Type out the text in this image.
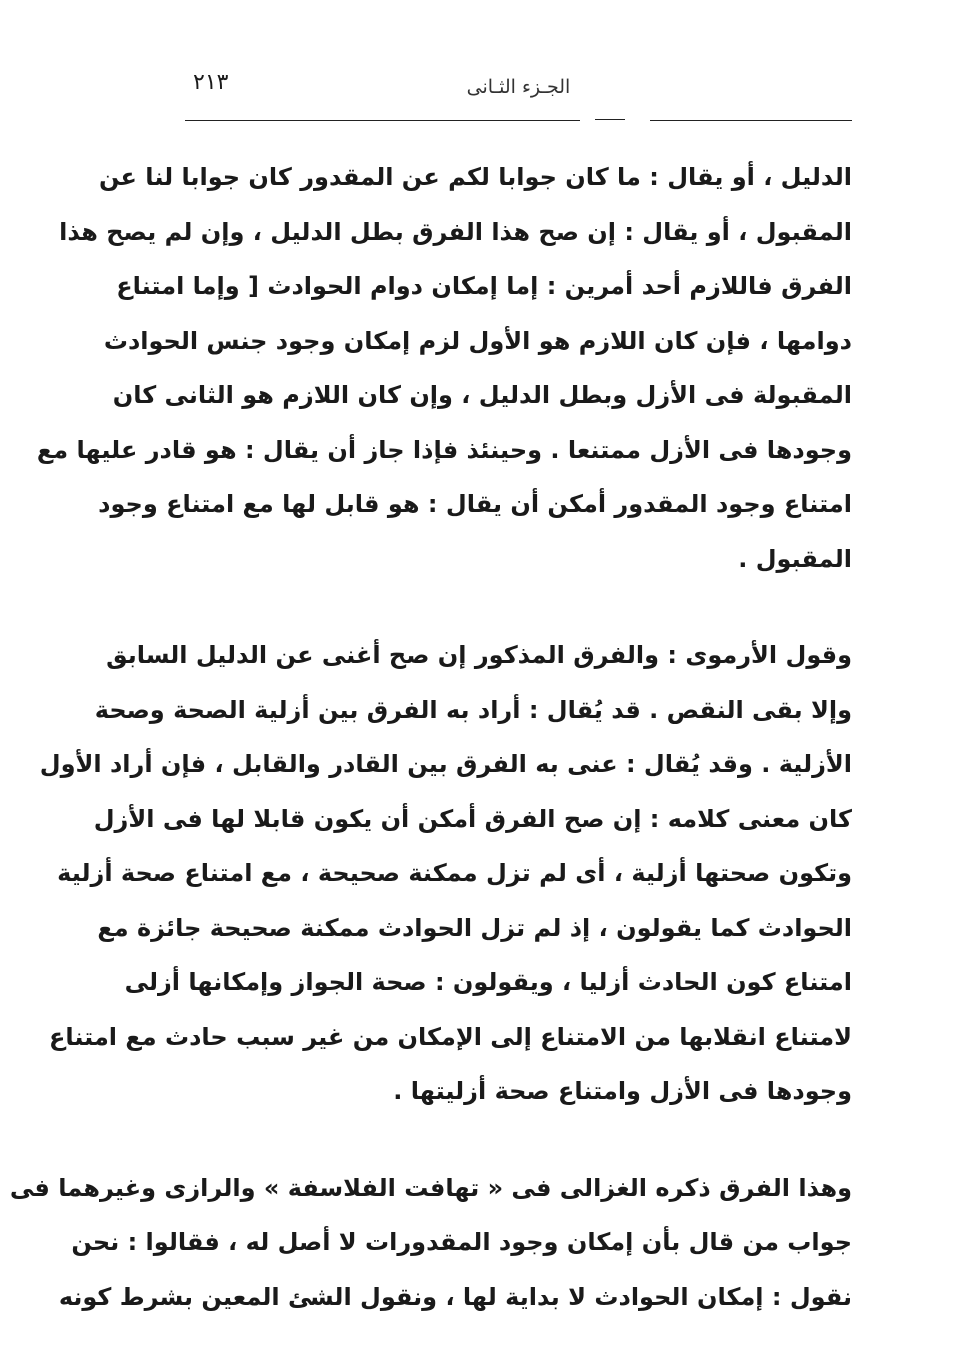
٢١٣	الجـزء الثـانى
الدليل ، أو يقال : ما كان جوابا لكم عن المقدور كان جوابا لنا عن
المقبول ، أو يقال : إن صح هذا الفرق بطل الدليل ، وإن لم يصح هذا
الفرق فاللازم أحد أمرين : إما إمكان دوام الحوادث [ وإما امتناع
دوامها ، فإن كان اللازم هو الأول لزم إمكان وجود جنس الحوادث
المقبولة فى الأزل وبطل الدليل ، وإن كان اللازم هو الثانى كان
وجودها فى الأزل ممتنعا . وحينئذ فإذا جاز أن يقال : هو قادر عليها مع
امتناع وجود المقدور أمكن أن يقال : هو قابل لها مع امتناع وجود
المقبول .
وقول الأرموى : والفرق المذكور إن صح أغنى عن الدليل السابق
وإلا بقى النقص . قد يُقال : أراد به الفرق بين أزلية الصحة وصحة
الأزلية . وقد يُقال : عنى به الفرق بين القادر والقابل ، فإن أراد الأول
كان معنى كلامه : إن صح الفرق أمكن أن يكون قابلا لها فى الأزل
وتكون صحتها أزلية ، أى لم تزل ممكنة صحيحة ، مع امتناع صحة أزلية
الحوادث كما يقولون ، إذ لم تزل الحوادث ممكنة صحيحة جائزة مع
امتناع كون الحادث أزليا ، ويقولون : صحة الجواز وإمكانها أزلى
لامتناع انقلابها من الامتناع إلى الإمكان من غير سبب حادث مع امتناع
وجودها فى الأزل وامتناع صحة أزليتها .
وهذا الفرق ذكره الغزالى فى « تهافت الفلاسفة » والرازى وغيرهما فى
جواب من قال بأن إمكان وجود المقدورات لا أصل له ، فقالوا : نحن
نقول : إمكان الحوادث لا بداية لها ، ونقول الشئ المعين بشرط كونه
